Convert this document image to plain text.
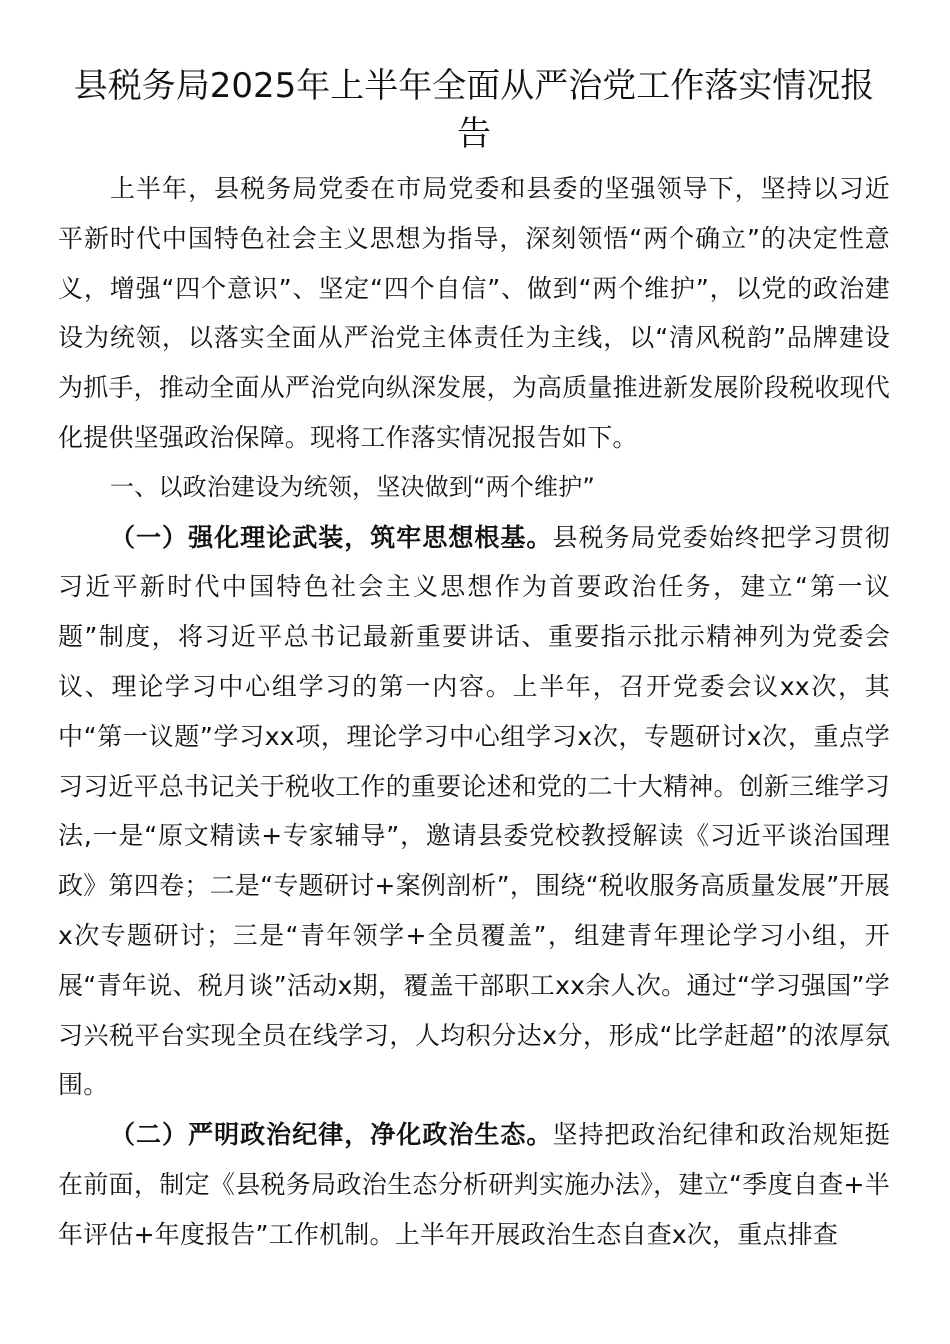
县税务局2025年上半年全面从严治党工作落实情况报告

上半年，县税务局党委在市局党委和县委的坚强领导下，坚持以习近平新时代中国特色社会主义思想为指导，深刻领悟“两个确立”的决定性意义，增强“四个意识”、坚定“四个自信”、做到“两个维护”，以党的政治建设为统领，以落实全面从严治党主体责任为主线，以“清风税韵”品牌建设为抓手，推动全面从严治党向纵深发展，为高质量推进新发展阶段税收现代化提供坚强政治保障。现将工作落实情况报告如下。

一、以政治建设为统领，坚决做到“两个维护”

（一）强化理论武装，筑牢思想根基。县税务局党委始终把学习贯彻习近平新时代中国特色社会主义思想作为首要政治任务，建立“第一议题”制度，将习近平总书记最新重要讲话、重要指示批示精神列为党委会议、理论学习中心组学习的第一内容。上半年，召开党委会议xx次，其中“第一议题”学习xx项，理论学习中心组学习x次，专题研讨x次，重点学习习近平总书记关于税收工作的重要论述和党的二十大精神。创新三维学习法,一是“原文精读+专家辅导”，邀请县委党校教授解读《习近平谈治国理政》第四卷；二是“专题研讨+案例剖析”，围绕“税收服务高质量发展”开展x次专题研讨；三是“青年领学+全员覆盖”，组建青年理论学习小组，开展“青年说、税月谈”活动x期，覆盖干部职工xx余人次。通过“学习强国”学习兴税平台实现全员在线学习，人均积分达x分，形成“比学赶超”的浓厚氛围。

（二）严明政治纪律，净化政治生态。坚持把政治纪律和政治规矩挺在前面，制定《县税务局政治生态分析研判实施办法》，建立“季度自查+半年评估+年度报告”工作机制。上半年开展政治生态自查x次，重点排查
